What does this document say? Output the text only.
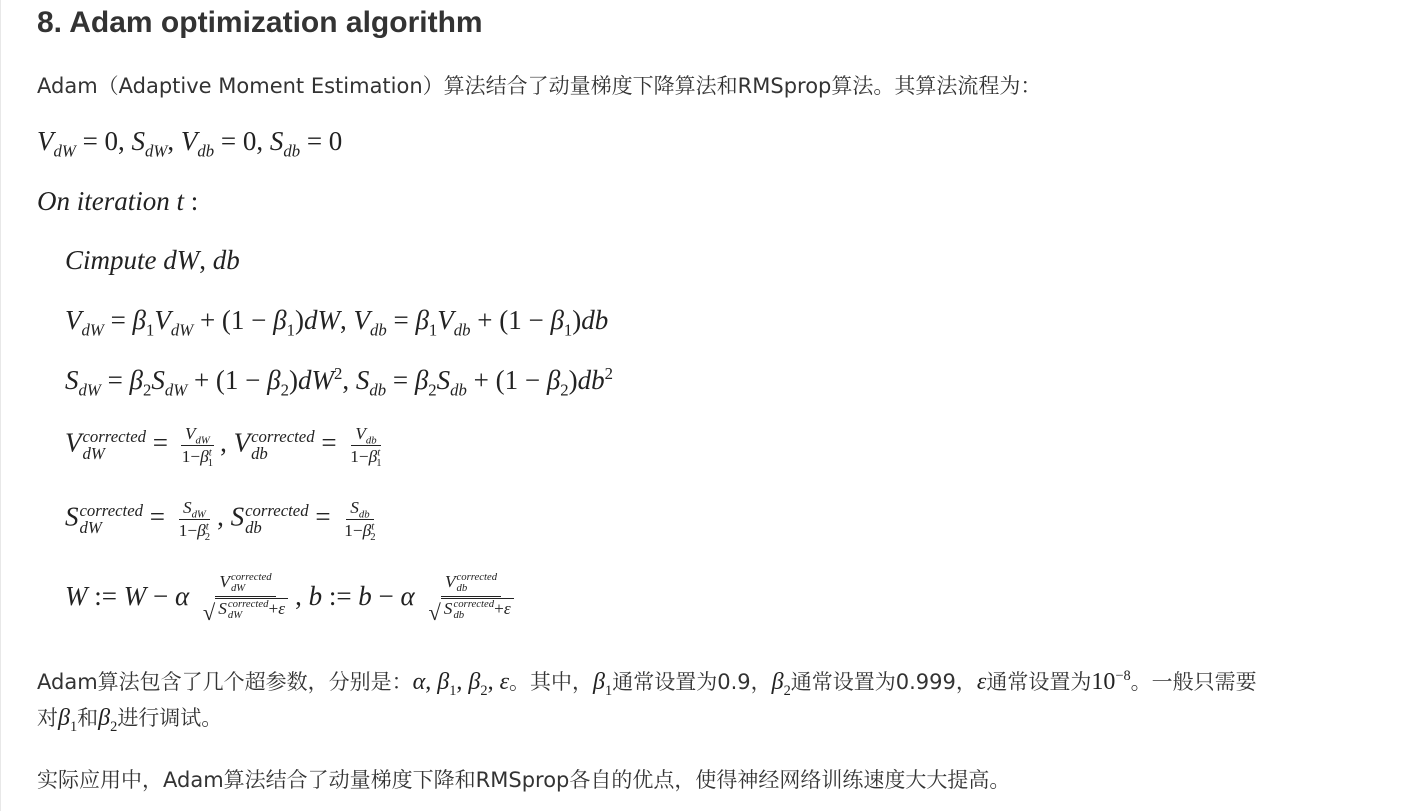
8. Adam optimization algorithm
Adam（Adaptive Moment Estimation）算法结合了动量梯度下降算法和RMSprop算法。其算法流程为：
$V_{dW} = 0$, $S_{dW}$, $V_{db} = 0$, $S_{db} = 0$
On iteration t :
Cimpute dW, db
$V_{dW} = \beta_1V_{dW} + (1 - \beta_1)dW$, $V_{db} = \beta_1V_{db} + (1 - \beta_1)db$
$S_{dW} = \beta_2S_{dW} + (1 - \beta_2)dW^2$, $S_{db} = \beta_2S_{db} + (1 - \beta_2)db^2$
V corrected
dW	= $\frac{V_{dW}}{1-\beta^t_1}$ , V corrected
db	= $\frac{V_{db}}{1-\beta^t_1}$
S corrected
dW	= $\frac{S_{dW}}{1-\beta^t_2}$ , S corrected
db	= $\frac{S_{db}}{1-\beta^t_2}$
W := W − α V corrected
dW
√ S corrected
dW	+ε , b := b − α V corrected
db
√ S corrected
db	+ε
Adam算法包含了几个超参数，分别是：α, $\beta_1$, $\beta_2$, ε。其中，$\beta_1$通常设置为0.9，$\beta_2$通常设置为0.999，ε通常设置为$10^{-8}$。一般只需要
对$\beta_1$和$\beta_2$进行调试。
实际应用中，Adam算法结合了动量梯度下降和RMSprop各自的优点，使得神经网络训练速度大大提高。
